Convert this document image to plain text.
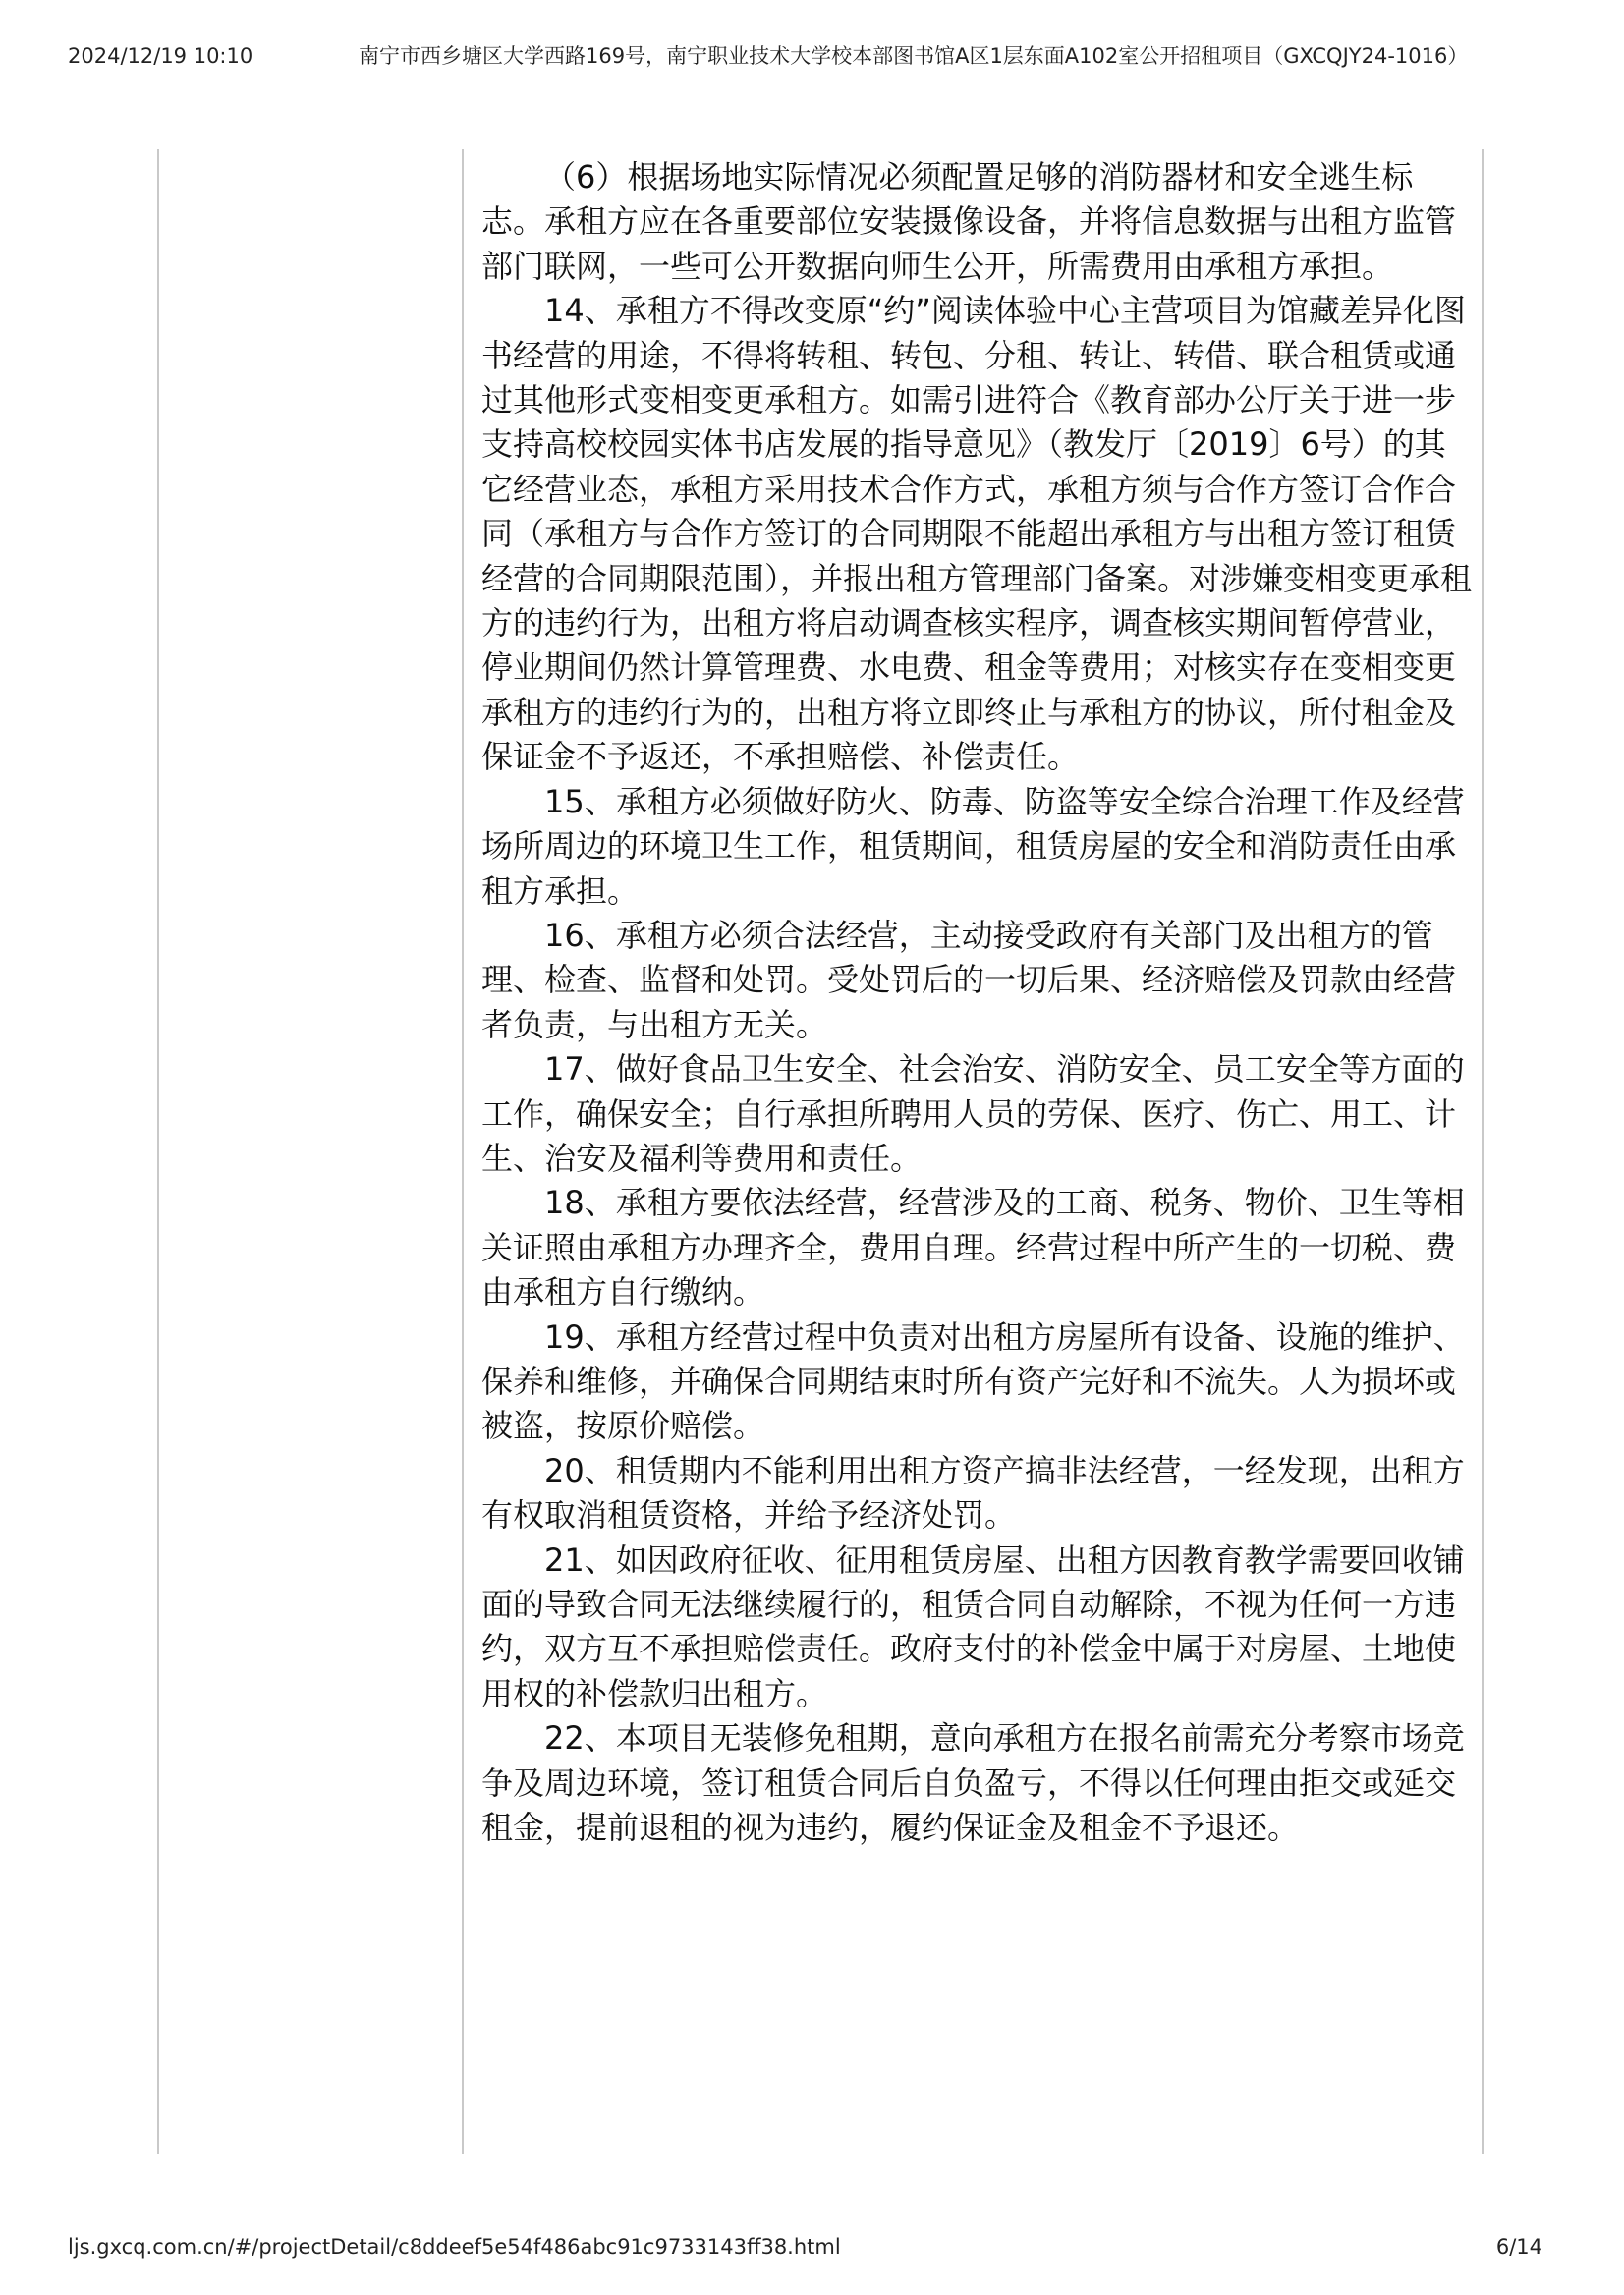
2024/12/19 10:10	南宁市西乡塘区大学西路169号，南宁职业技术大学校本部图书馆A区1层东面A102室公开招租项目（GXCQJY24-1016）

（6）根据场地实际情况必须配置足够的消防器材和安全逃生标志。承租方应在各重要部位安装摄像设备，并将信息数据与出租方监管部门联网，一些可公开数据向师生公开，所需费用由承租方承担。

14、承租方不得改变原“约”阅读体验中心主营项目为馆藏差异化图书经营的用途，不得将转租、转包、分租、转让、转借、联合租赁或通过其他形式变相变更承租方。如需引进符合《教育部办公厅关于进一步支持高校校园实体书店发展的指导意见》（教发厅〔2019〕6号）的其它经营业态，承租方采用技术合作方式，承租方须与合作方签订合作合同（承租方与合作方签订的合同期限不能超出承租方与出租方签订租赁经营的合同期限范围），并报出租方管理部门备案。对涉嫌变相变更承租方的违约行为，出租方将启动调查核实程序，调查核实期间暂停营业，停业期间仍然计算管理费、水电费、租金等费用；对核实存在变相变更承租方的违约行为的，出租方将立即终止与承租方的协议，所付租金及保证金不予返还，不承担赔偿、补偿责任。

15、承租方必须做好防火、防毒、防盗等安全综合治理工作及经营场所周边的环境卫生工作，租赁期间，租赁房屋的安全和消防责任由承租方承担。

16、承租方必须合法经营，主动接受政府有关部门及出租方的管理、检查、监督和处罚。受处罚后的一切后果、经济赔偿及罚款由经营者负责，与出租方无关。

17、做好食品卫生安全、社会治安、消防安全、员工安全等方面的工作，确保安全；自行承担所聘用人员的劳保、医疗、伤亡、用工、计生、治安及福利等费用和责任。

18、承租方要依法经营，经营涉及的工商、税务、物价、卫生等相关证照由承租方办理齐全，费用自理。经营过程中所产生的一切税、费由承租方自行缴纳。

19、承租方经营过程中负责对出租方房屋所有设备、设施的维护、保养和维修，并确保合同期结束时所有资产完好和不流失。人为损坏或被盗，按原价赔偿。

20、租赁期内不能利用出租方资产搞非法经营，一经发现，出租方有权取消租赁资格，并给予经济处罚。

21、如因政府征收、征用租赁房屋、出租方因教育教学需要回收铺面的导致合同无法继续履行的，租赁合同自动解除，不视为任何一方违约，双方互不承担赔偿责任。政府支付的补偿金中属于对房屋、土地使用权的补偿款归出租方。

22、本项目无装修免租期，意向承租方在报名前需充分考察市场竞争及周边环境，签订租赁合同后自负盈亏，不得以任何理由拒交或延交租金，提前退租的视为违约，履约保证金及租金不予退还。

ljs.gxcq.com.cn/#/projectDetail/c8ddeef5e54f486abc91c9733143ff38.html	6/14
